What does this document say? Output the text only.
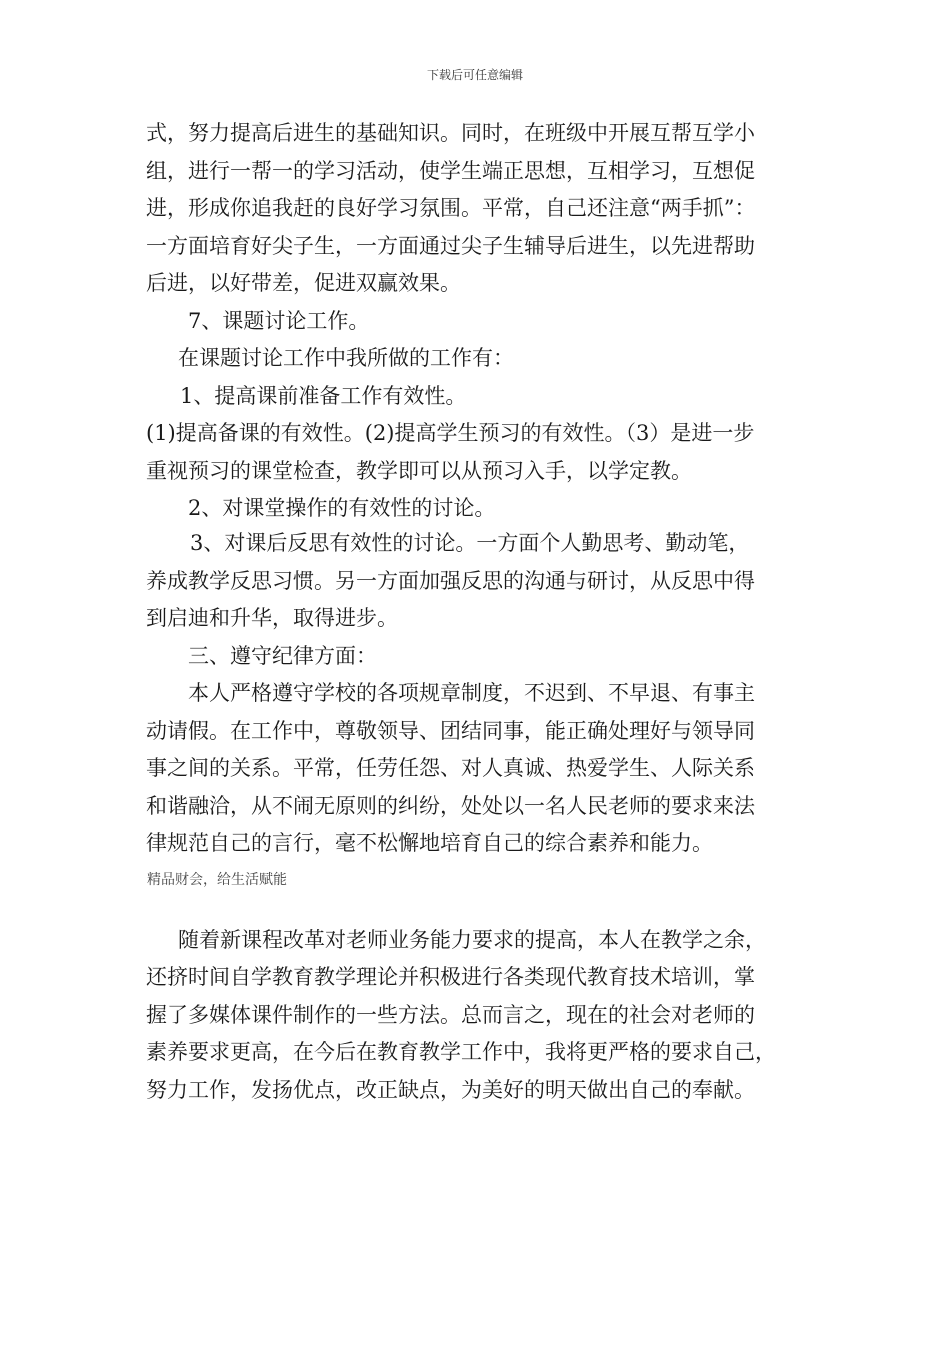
下载后可任意编辑
式，努力提高后进生的基础知识。同时，在班级中开展互帮互学小
组，进行一帮一的学习活动，使学生端正思想，互相学习，互想促
进，形成你追我赶的良好学习氛围。平常，自己还注意“两手抓”：
一方面培育好尖子生，一方面通过尖子生辅导后进生，以先进帮助
后进，以好带差，促进双赢效果。
7、课题讨论工作。
在课题讨论工作中我所做的工作有：
1、提高课前准备工作有效性。
(1)提高备课的有效性。(2)提高学生预习的有效性。（3）是进一步
重视预习的课堂检查，教学即可以从预习入手，以学定教。
2、对课堂操作的有效性的讨论。
3、对课后反思有效性的讨论。一方面个人勤思考、勤动笔，
养成教学反思习惯。另一方面加强反思的沟通与研讨，从反思中得
到启迪和升华，取得进步。
三、遵守纪律方面：
本人严格遵守学校的各项规章制度，不迟到、不早退、有事主
动请假。在工作中，尊敬领导、团结同事，能正确处理好与领导同
事之间的关系。平常，任劳任怨、对人真诚、热爱学生、人际关系
和谐融洽，从不闹无原则的纠纷，处处以一名人民老师的要求来法
律规范自己的言行，毫不松懈地培育自己的综合素养和能力。
精品财会，给生活赋能
随着新课程改革对老师业务能力要求的提高，本人在教学之余，
还挤时间自学教育教学理论并积极进行各类现代教育技术培训，掌
握了多媒体课件制作的一些方法。总而言之，现在的社会对老师的
素养要求更高，在今后在教育教学工作中，我将更严格的要求自己，
努力工作，发扬优点，改正缺点，为美好的明天做出自己的奉献。
